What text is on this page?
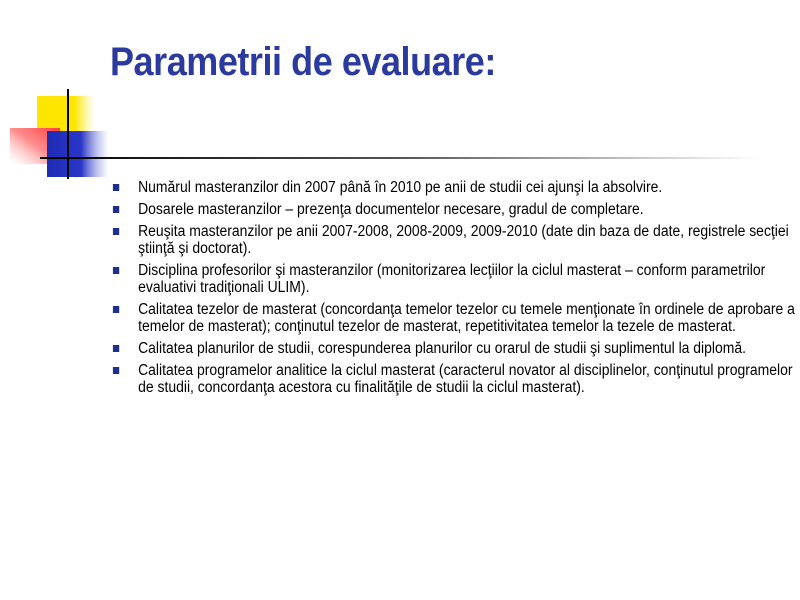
Parametrii de evaluare:
Numărul masteranzilor din 2007 până în 2010 pe anii de studii cei ajunşi la absolvire.
Dosarele masteranzilor – prezenţa documentelor necesare, gradul de completare.
Reuşita masteranzilor pe anii 2007-2008, 2008-2009, 2009-2010 (date din baza de date, registrele secţiei ştiinţă şi doctorat).
Disciplina profesorilor şi masteranzilor (monitorizarea lecţiilor la ciclul masterat – conform parametrilor evaluativi tradiţionali ULIM).
Calitatea tezelor de masterat (concordanţa temelor tezelor cu temele menţionate în ordinele de aprobare a temelor de masterat); conţinutul tezelor de masterat, repetitivitatea temelor la tezele de masterat.
Calitatea planurilor de studii, corespunderea planurilor cu orarul de studii şi suplimentul la diplomă.
Calitatea programelor analitice la ciclul masterat (caracterul novator al disciplinelor, conţinutul programelor de studii, concordanţa acestora cu finalităţile de studii la ciclul masterat).
